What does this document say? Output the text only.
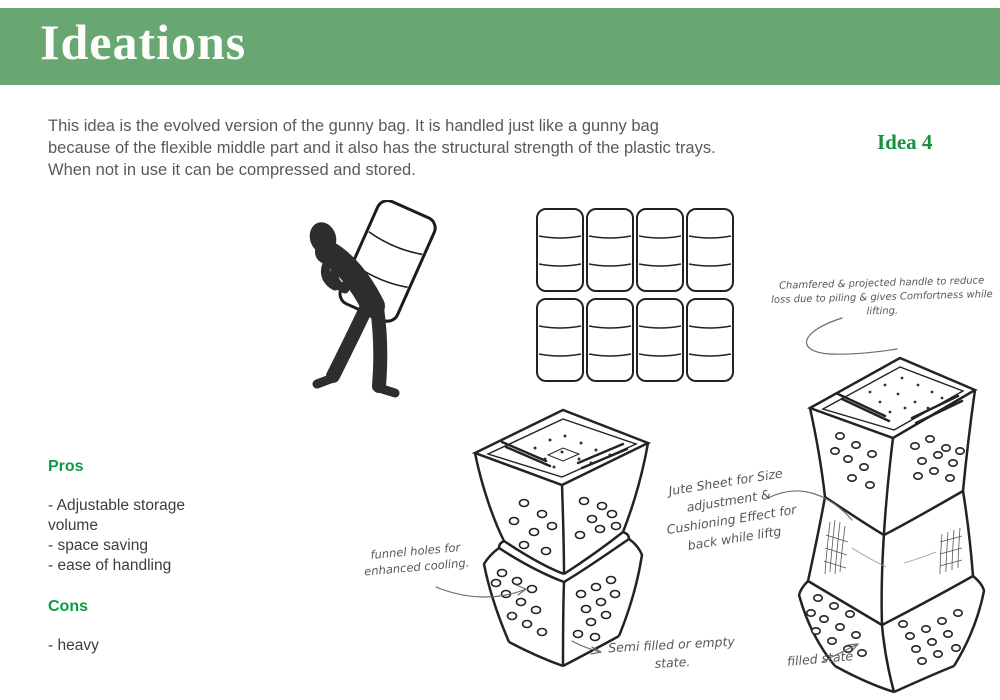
Ideations
This idea is the evolved version of the gunny bag. It is handled just like a gunny bag because of the flexible middle part and it also has the structural strength of the plastic trays. When not in use it can be compressed and stored.
Idea 4

Pros

- Adjustable storage volume

- space saving

- ease of handling

Cons

- heavy

Chamfered & projected handle to reduce loss due to piling & gives Comfortness while lifting.
Jute Sheet for Size adjustment & Cushioning Effect for back while liftg
funnel holes for enhanced cooling.
Semi filled or empty state.	filled state
